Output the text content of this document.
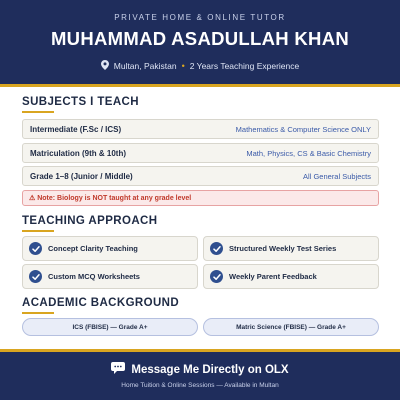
PRIVATE HOME & ONLINE TUTOR
MUHAMMAD ASADULLAH KHAN
Multan, Pakistan • 2 Years Teaching Experience
SUBJECTS I TEACH
Intermediate (F.Sc / ICS)	Mathematics & Computer Science ONLY
Matriculation (9th & 10th)	Math, Physics, CS & Basic Chemistry
Grade 1–8 (Junior / Middle)	All General Subjects
⚠ Note: Biology is NOT taught at any grade level
TEACHING APPROACH
Concept Clarity Teaching	Structured Weekly Test Series
Custom MCQ Worksheets	Weekly Parent Feedback
ACADEMIC BACKGROUND
ICS (FBISE) — Grade A+	Matric Science (FBISE) — Grade A+
Message Me Directly on OLX
Home Tuition & Online Sessions — Available in Multan
